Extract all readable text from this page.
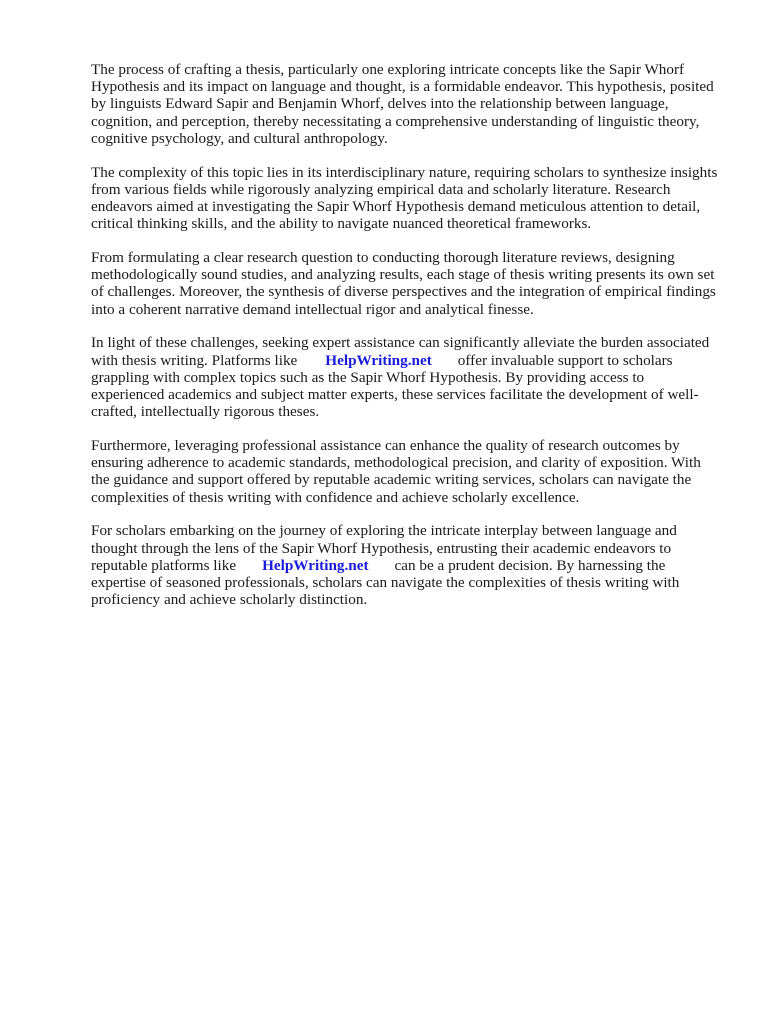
The process of crafting a thesis, particularly one exploring intricate concepts like the Sapir Whorf Hypothesis and its impact on language and thought, is a formidable endeavor. This hypothesis, posited by linguists Edward Sapir and Benjamin Whorf, delves into the relationship between language, cognition, and perception, thereby necessitating a comprehensive understanding of linguistic theory, cognitive psychology, and cultural anthropology.

The complexity of this topic lies in its interdisciplinary nature, requiring scholars to synthesize insights from various fields while rigorously analyzing empirical data and scholarly literature. Research endeavors aimed at investigating the Sapir Whorf Hypothesis demand meticulous attention to detail, critical thinking skills, and the ability to navigate nuanced theoretical frameworks.

From formulating a clear research question to conducting thorough literature reviews, designing methodologically sound studies, and analyzing results, each stage of thesis writing presents its own set of challenges. Moreover, the synthesis of diverse perspectives and the integration of empirical findings into a coherent narrative demand intellectual rigor and analytical finesse.

In light of these challenges, seeking expert assistance can significantly alleviate the burden associated with thesis writing. Platforms like HelpWriting.net offer invaluable support to scholars grappling with complex topics such as the Sapir Whorf Hypothesis. By providing access to experienced academics and subject matter experts, these services facilitate the development of well-crafted, intellectually rigorous theses.

Furthermore, leveraging professional assistance can enhance the quality of research outcomes by ensuring adherence to academic standards, methodological precision, and clarity of exposition. With the guidance and support offered by reputable academic writing services, scholars can navigate the complexities of thesis writing with confidence and achieve scholarly excellence.

For scholars embarking on the journey of exploring the intricate interplay between language and thought through the lens of the Sapir Whorf Hypothesis, entrusting their academic endeavors to reputable platforms like HelpWriting.net can be a prudent decision. By harnessing the expertise of seasoned professionals, scholars can navigate the complexities of thesis writing with proficiency and achieve scholarly distinction.
